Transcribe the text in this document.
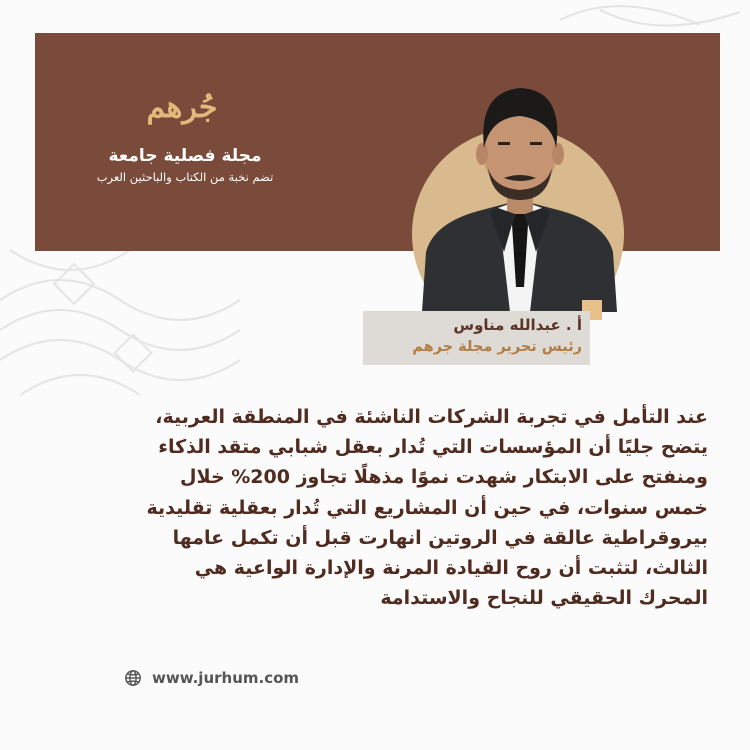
جُرهم
مجلة فصلية جامعة
تضم نخبة من الكتاب والباحثين العرب
أ . عبدالله مناوس
رئيس تحرير مجلة جرهم

عند التأمل في تجربة الشركات الناشئة في المنطقة العربية،
يتضح جليًا أن المؤسسات التي تُدار بعقل شبابي متقد الذكاء
ومنفتح على الابتكار شهدت نموًا مذهلًا تجاوز 200% خلال
خمس سنوات، في حين أن المشاريع التي تُدار بعقلية تقليدية
بيروقراطية عالقة في الروتين انهارت قبل أن تكمل عامها
الثالث، لتثبت أن روح القيادة المرنة والإدارة الواعية هي
المحرك الحقيقي للنجاح والاستدامة

www.jurhum.com
